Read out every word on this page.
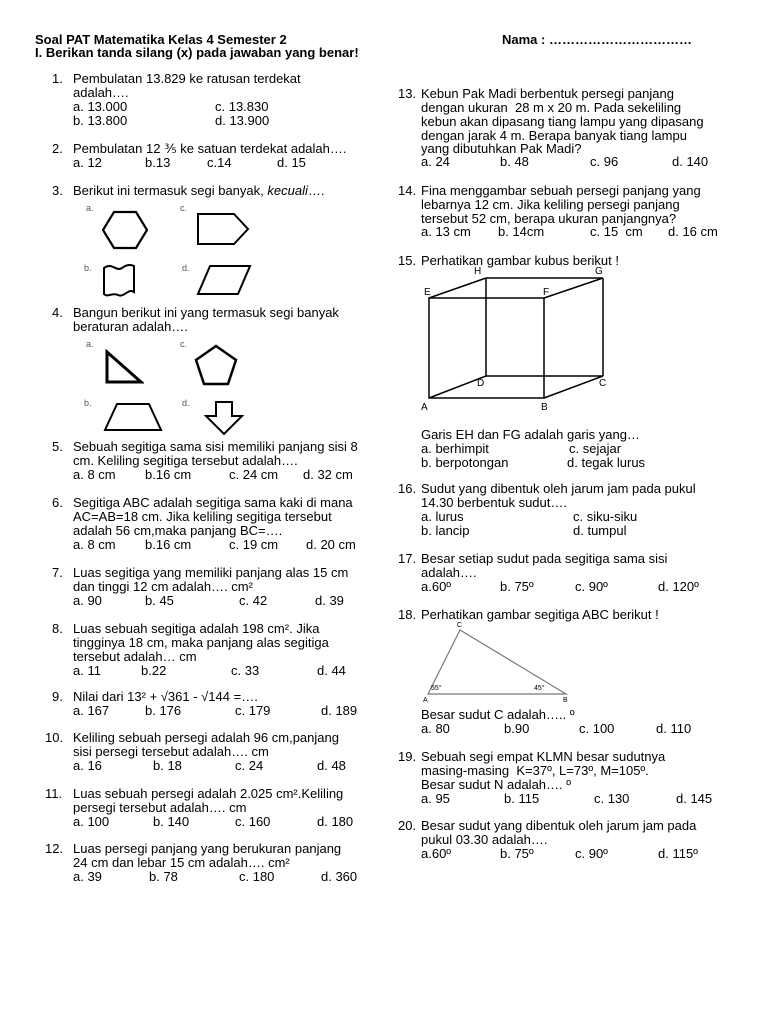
Soal PAT Matematika Kelas 4 Semester 2	Nama : ……………………………
I. Berikan tanda silang (x) pada jawaban yang benar!
1. Pembulatan 13.829 ke ratusan terdekat
adalah….
a. 13.000	c. 13.830
b. 13.800	d. 13.900
2. Pembulatan 12 ⅗ ke satuan terdekat adalah….
a. 12	b.13	c.14	d. 15
3. Berikut ini termasuk segi banyak, kecuali….
a.	c.
b.	d.
4. Bangun berikut ini yang termasuk segi banyak
beraturan adalah….
a.	c.
b.	d.
5. Sebuah segitiga sama sisi memiliki panjang sisi 8
cm. Keliling segitiga tersebut adalah….
a. 8 cm b.16 cm	c. 24 cm d. 32 cm
6. Segitiga ABC adalah segitiga sama kaki di mana
AC=AB=18 cm. Jika keliling segitiga tersebut
adalah 56 cm,maka panjang BC=….
a. 8 cm b.16 cm	c. 19 cm d. 20 cm
7. Luas segitiga yang memiliki panjang alas 15 cm
dan tinggi 12 cm adalah…. cm²
a. 90	b. 45	c. 42	d. 39
8. Luas sebuah segitiga adalah 198 cm². Jika
tingginya 18 cm, maka panjang alas segitiga
tersebut adalah… cm
a. 11	b.22	c. 33	d. 44
9. Nilai dari 13² + √361 - √144 =….
a. 167	b. 176	c. 179	d. 189
10. Keliling sebuah persegi adalah 96 cm,panjang
sisi persegi tersebut adalah…. cm
a. 16	b. 18	c. 24	d. 48
11. Luas sebuah persegi adalah 2.025 cm².Keliling
persegi tersebut adalah…. cm
a. 100	b. 140	c. 160	d. 180
12. Luas persegi panjang yang berukuran panjang
24 cm dan lebar 15 cm adalah…. cm²
a. 39	b. 78	c. 180	d. 360
13. Kebun Pak Madi berbentuk persegi panjang
dengan ukuran  28 m x 20 m. Pada sekeliling
kebun akan dipasang tiang lampu yang dipasang
dengan jarak 4 m. Berapa banyak tiang lampu
yang dibutuhkan Pak Madi?
a. 24	b. 48	c. 96	d. 140
14. Fina menggambar sebuah persegi panjang yang
lebarnya 12 cm. Jika keliling persegi panjang
tersebut 52 cm, berapa ukuran panjangnya?
a. 13 cm b. 14cm	c. 15  cm d. 16 cm
15. Perhatikan gambar kubus berikut !
H	G
E	F
D	C
A	B
Garis EH dan FG adalah garis yang…
a. berhimpit	c. sejajar
b. berpotongan	d. tegak lurus
16. Sudut yang dibentuk oleh jarum jam pada pukul
14.30 berbentuk sudut….
a. lurus	c. siku-siku
b. lancip	d. tumpul
17. Besar setiap sudut pada segitiga sama sisi
adalah….
a.60º	b. 75º	c. 90º	d. 120º
18. Perhatikan gambar segitiga ABC berikut !
C
55°	45°
A	B
Besar sudut C adalah….. º
a. 80	b.90	c. 100	d. 110
19. Sebuah segi empat KLMN besar sudutnya
masing-masing  K=37º, L=73º, M=105º.
Besar sudut N adalah…. º
a. 95	b. 115	c. 130	d. 145
20. Besar sudut yang dibentuk oleh jarum jam pada
pukul 03.30 adalah….
a.60º	b. 75º	c. 90º	d. 115º
